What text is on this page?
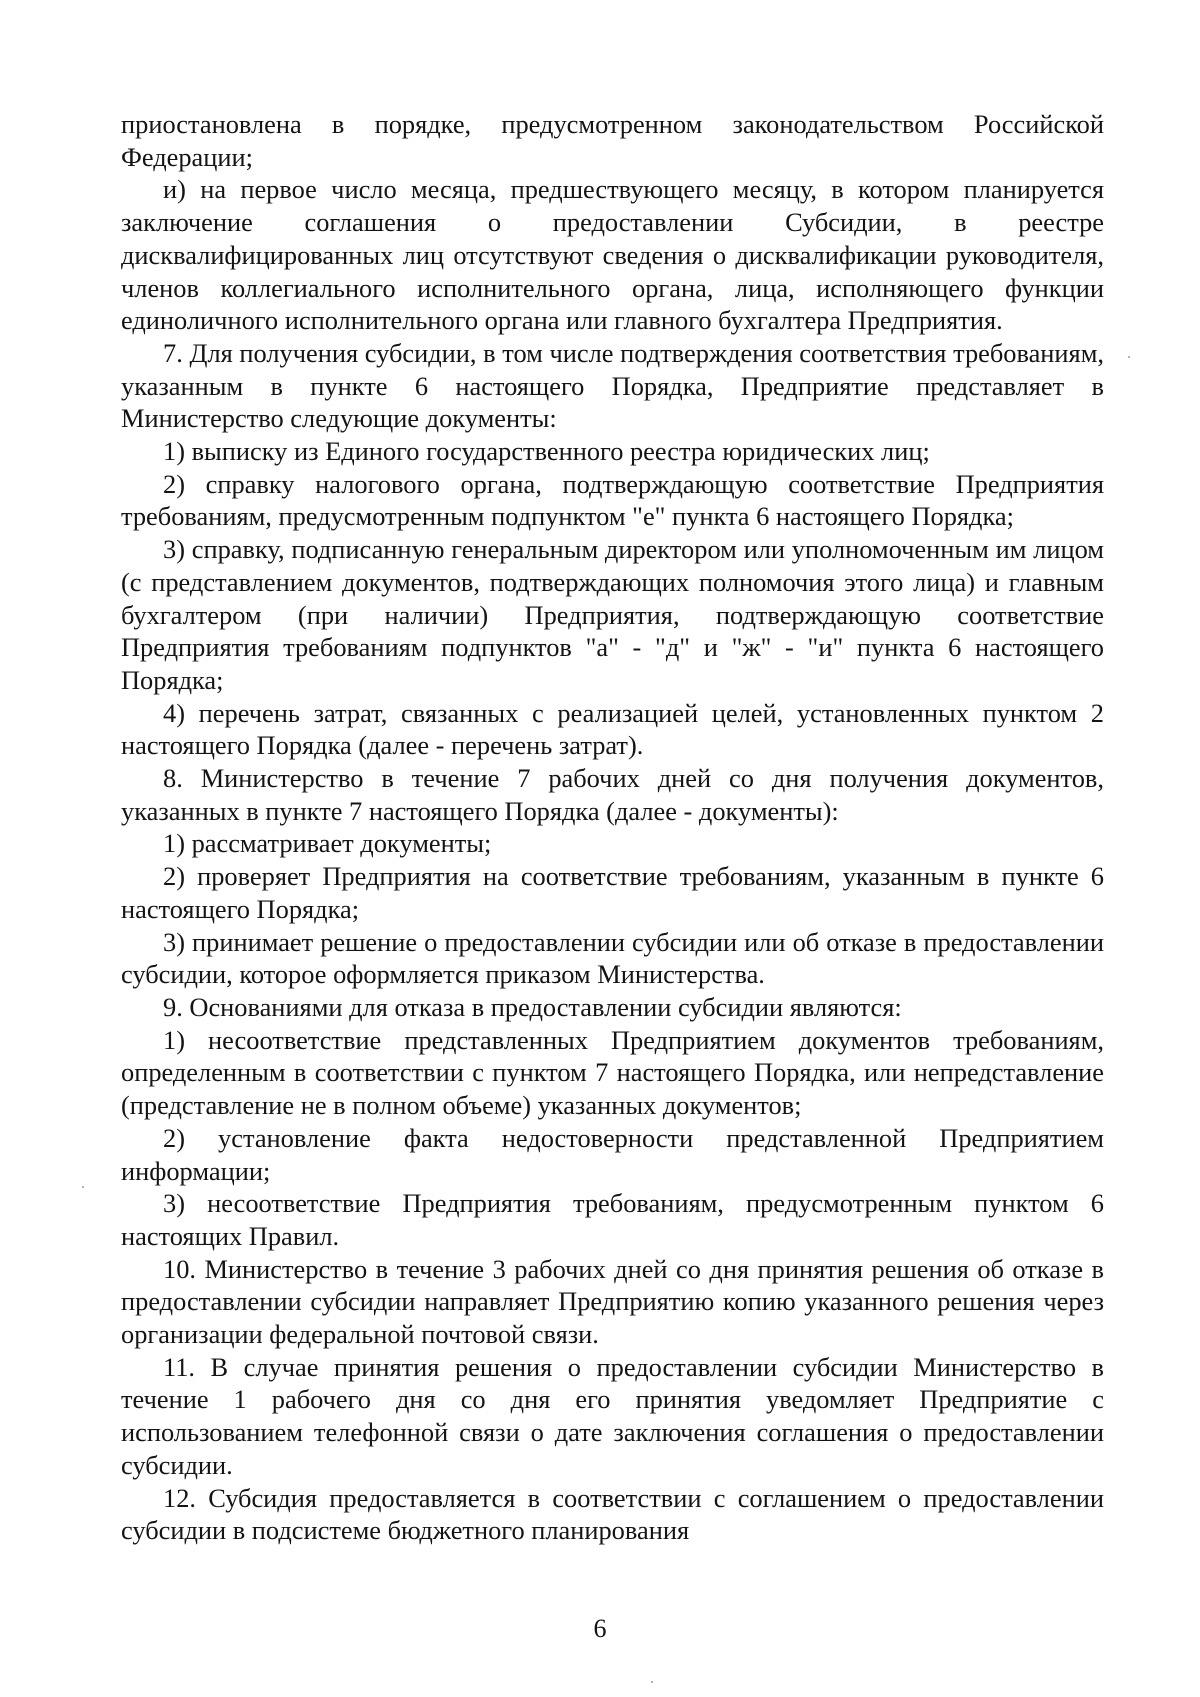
приостановлена в порядке, предусмотренном законодательством Российской Федерации;

и) на первое число месяца, предшествующего месяцу, в котором планируется заключение соглашения о предоставлении Субсидии, в реестре дисквалифицированных лиц отсутствуют сведения о дисквалификации руководителя, членов коллегиального исполнительного органа, лица, исполняющего функции единоличного исполнительного органа или главного бухгалтера Предприятия.

7. Для получения субсидии, в том числе подтверждения соответствия требованиям, указанным в пункте 6 настоящего Порядка, Предприятие представляет в Министерство следующие документы:

1) выписку из Единого государственного реестра юридических лиц;

2) справку налогового органа, подтверждающую соответствие Предприятия требованиям, предусмотренным подпунктом "е" пункта 6 настоящего Порядка;

3) справку, подписанную генеральным директором или уполномоченным им лицом (с представлением документов, подтверждающих полномочия этого лица) и главным бухгалтером (при наличии) Предприятия, подтверждающую соответствие Предприятия требованиям подпунктов "а" - "д" и "ж" - "и" пункта 6 настоящего Порядка;

4) перечень затрат, связанных с реализацией целей, установленных пунктом 2 настоящего Порядка (далее - перечень затрат).

8. Министерство в течение 7 рабочих дней со дня получения документов, указанных в пункте 7 настоящего Порядка (далее - документы):

1) рассматривает документы;

2) проверяет Предприятия на соответствие требованиям, указанным в пункте 6 настоящего Порядка;

3) принимает решение о предоставлении субсидии или об отказе в предоставлении субсидии, которое оформляется приказом Министерства.

9. Основаниями для отказа в предоставлении субсидии являются:

1) несоответствие представленных Предприятием документов требованиям, определенным в соответствии с пунктом 7 настоящего Порядка, или непредставление (представление не в полном объеме) указанных документов;

2) установление факта недостоверности представленной Предприятием информации;

3) несоответствие Предприятия требованиям, предусмотренным пунктом 6 настоящих Правил.

10. Министерство в течение 3 рабочих дней со дня принятия решения об отказе в предоставлении субсидии направляет Предприятию копию указанного решения через организации федеральной почтовой связи.

11. В случае принятия решения о предоставлении субсидии Министерство в течение 1 рабочего дня со дня его принятия уведомляет Предприятие с использованием телефонной связи о дате заключения соглашения о предоставлении субсидии.

12. Субсидия предоставляется в соответствии с соглашением о предоставлении субсидии в подсистеме бюджетного планирования

6
